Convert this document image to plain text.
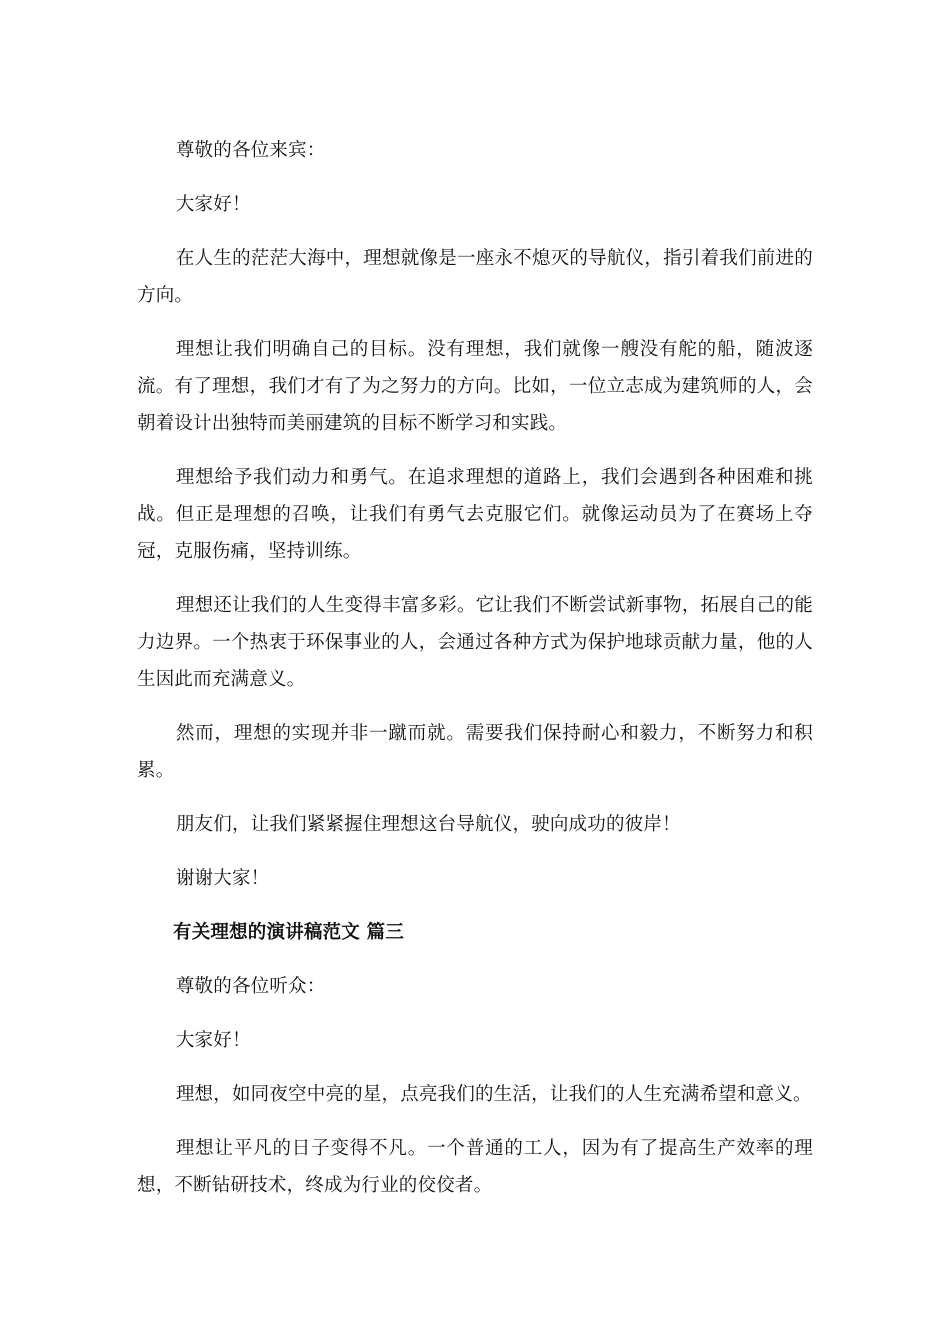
尊敬的各位来宾：

大家好！

在人生的茫茫大海中，理想就像是一座永不熄灭的导航仪，指引着我们前进的方向。

理想让我们明确自己的目标。没有理想，我们就像一艘没有舵的船，随波逐流。有了理想，我们才有了为之努力的方向。比如，一位立志成为建筑师的人，会朝着设计出独特而美丽建筑的目标不断学习和实践。

理想给予我们动力和勇气。在追求理想的道路上，我们会遇到各种困难和挑战。但正是理想的召唤，让我们有勇气去克服它们。就像运动员为了在赛场上夺冠，克服伤痛，坚持训练。

理想还让我们的人生变得丰富多彩。它让我们不断尝试新事物，拓展自己的能力边界。一个热衷于环保事业的人，会通过各种方式为保护地球贡献力量，他的人生因此而充满意义。

然而，理想的实现并非一蹴而就。需要我们保持耐心和毅力，不断努力和积累。

朋友们，让我们紧紧握住理想这台导航仪，驶向成功的彼岸！

谢谢大家！

有关理想的演讲稿范文 篇三

尊敬的各位听众：

大家好！

理想，如同夜空中亮的星，点亮我们的生活，让我们的人生充满希望和意义。

理想让平凡的日子变得不凡。一个普通的工人，因为有了提高生产效率的理想，不断钻研技术，终成为行业的佼佼者。
